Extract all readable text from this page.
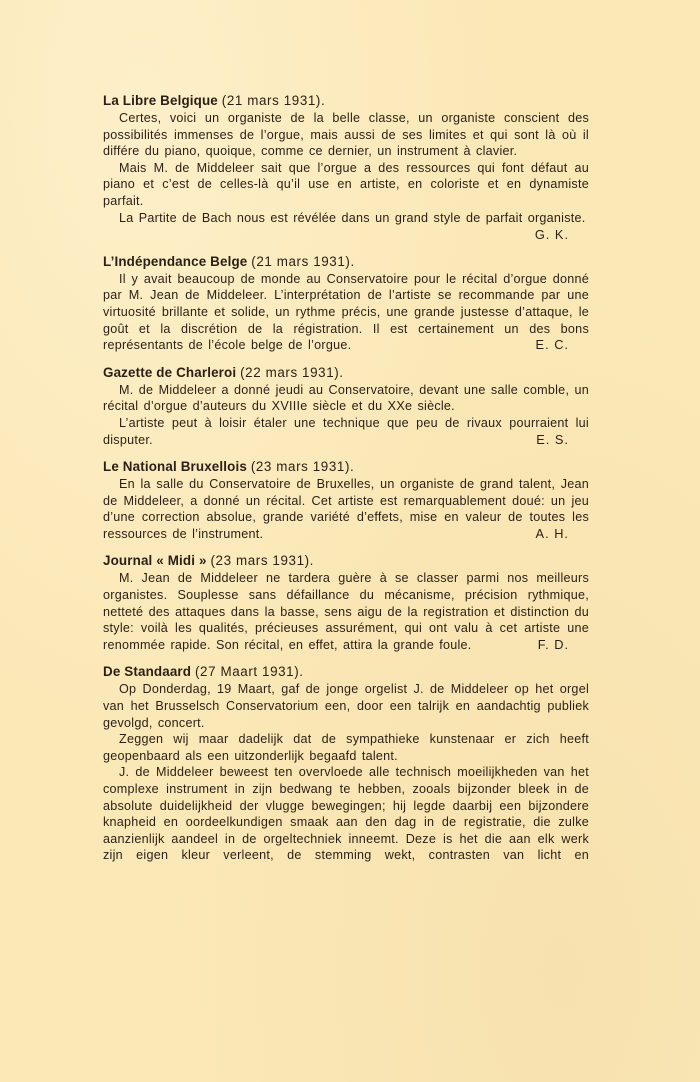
La Libre Belgique (21 mars 1931).

Certes, voici un organiste de la belle classe, un organiste conscient des possibilités immenses de l’orgue, mais aussi de ses limites et qui sont là où il différe du piano, quoique, comme ce dernier, un instrument à clavier.

Mais M. de Middeleer sait que l’orgue a des ressources qui font défaut au piano et c’est de celles-là qu’il use en artiste, en coloriste et en dynamiste parfait.

La Partite de Bach nous est révélée dans un grand style de parfait organiste.

G. K.
L’Indépendance Belge (21 mars 1931).

Il y avait beaucoup de monde au Conservatoire pour le récital d’orgue donné par M. Jean de Middeleer. L’interprétation de l’artiste se recommande par une virtuosité brillante et solide, un rythme précis, une grande justesse d’attaque, le goût et la discrétion de la régistration. Il est certainement un des bons représentants de l’école belge de l’orgue.	E. C.
Gazette de Charleroi (22 mars 1931).

M. de Middeleer a donné jeudi au Conservatoire, devant une salle comble, un récital d’orgue d’auteurs du XVIIIe siècle et du XXe siècle.

L’artiste peut à loisir étaler une technique que peu de rivaux pourraient lui disputer.	E. S.
Le National Bruxellois (23 mars 1931).

En la salle du Conservatoire de Bruxelles, un organiste de grand talent, Jean de Middeleer, a donné un récital. Cet artiste est remarquablement doué: un jeu d’une correction absolue, grande variété d’effets, mise en valeur de toutes les ressources de l’instrument.	A. H.
Journal « Midi » (23 mars 1931).

M. Jean de Middeleer ne tardera guère à se classer parmi nos meilleurs organistes. Souplesse sans défaillance du mécanisme, précision rythmique, netteté des attaques dans la basse, sens aigu de la registration et distinction du style: voilà les qualités, précieuses assurément, qui ont valu à cet artiste une renommée rapide. Son récital, en effet, attira la grande foule.	F. D.
De Standaard (27 Maart 1931).

Op Donderdag, 19 Maart, gaf de jonge orgelist J. de Middeleer op het orgel van het Brusselsch Conservatorium een, door een talrijk en aandachtig publiek gevolgd, concert.

Zeggen wij maar dadelijk dat de sympathieke kunstenaar er zich heeft geopenbaard als een uitzonderlijk begaafd talent.

J. de Middeleer beweest ten overvloede alle technisch moeilijkheden van het complexe instrument in zijn bedwang te hebben, zooals bijzonder bleek in de absolute duidelijkheid der vlugge bewegingen; hij legde daarbij een bijzondere knapheid en oordeelkundigen smaak aan den dag in de registratie, die zulke aanzienlijk aandeel in de orgeltechniek inneemt. Deze is het die aan elk werk zijn eigen kleur verleent, de stemming wekt, contrasten van licht en
